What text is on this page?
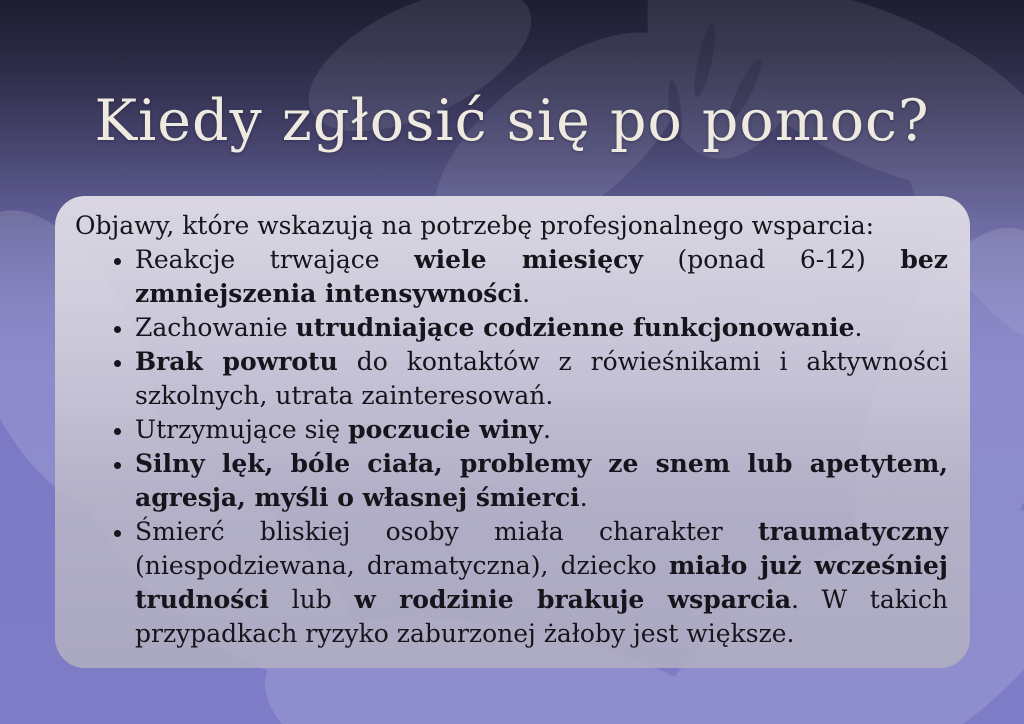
Kiedy zgłosić się po pomoc?

Objawy, które wskazują na potrzebę profesjonalnego wsparcia:

• Reakcje trwające wiele miesięcy (ponad 6-12) bez zmniejszenia intensywności.
• Zachowanie utrudniające codzienne funkcjonowanie.
• Brak powrotu do kontaktów z rówieśnikami i aktywności szkolnych, utrata zainteresowań.
• Utrzymujące się poczucie winy.
• Silny lęk, bóle ciała, problemy ze snem lub apetytem, agresja, myśli o własnej śmierci.
• Śmierć bliskiej osoby miała charakter traumatyczny (niespodziewana, dramatyczna), dziecko miało już wcześniej trudności lub w rodzinie brakuje wsparcia. W takich przypadkach ryzyko zaburzonej żałoby jest większe.
